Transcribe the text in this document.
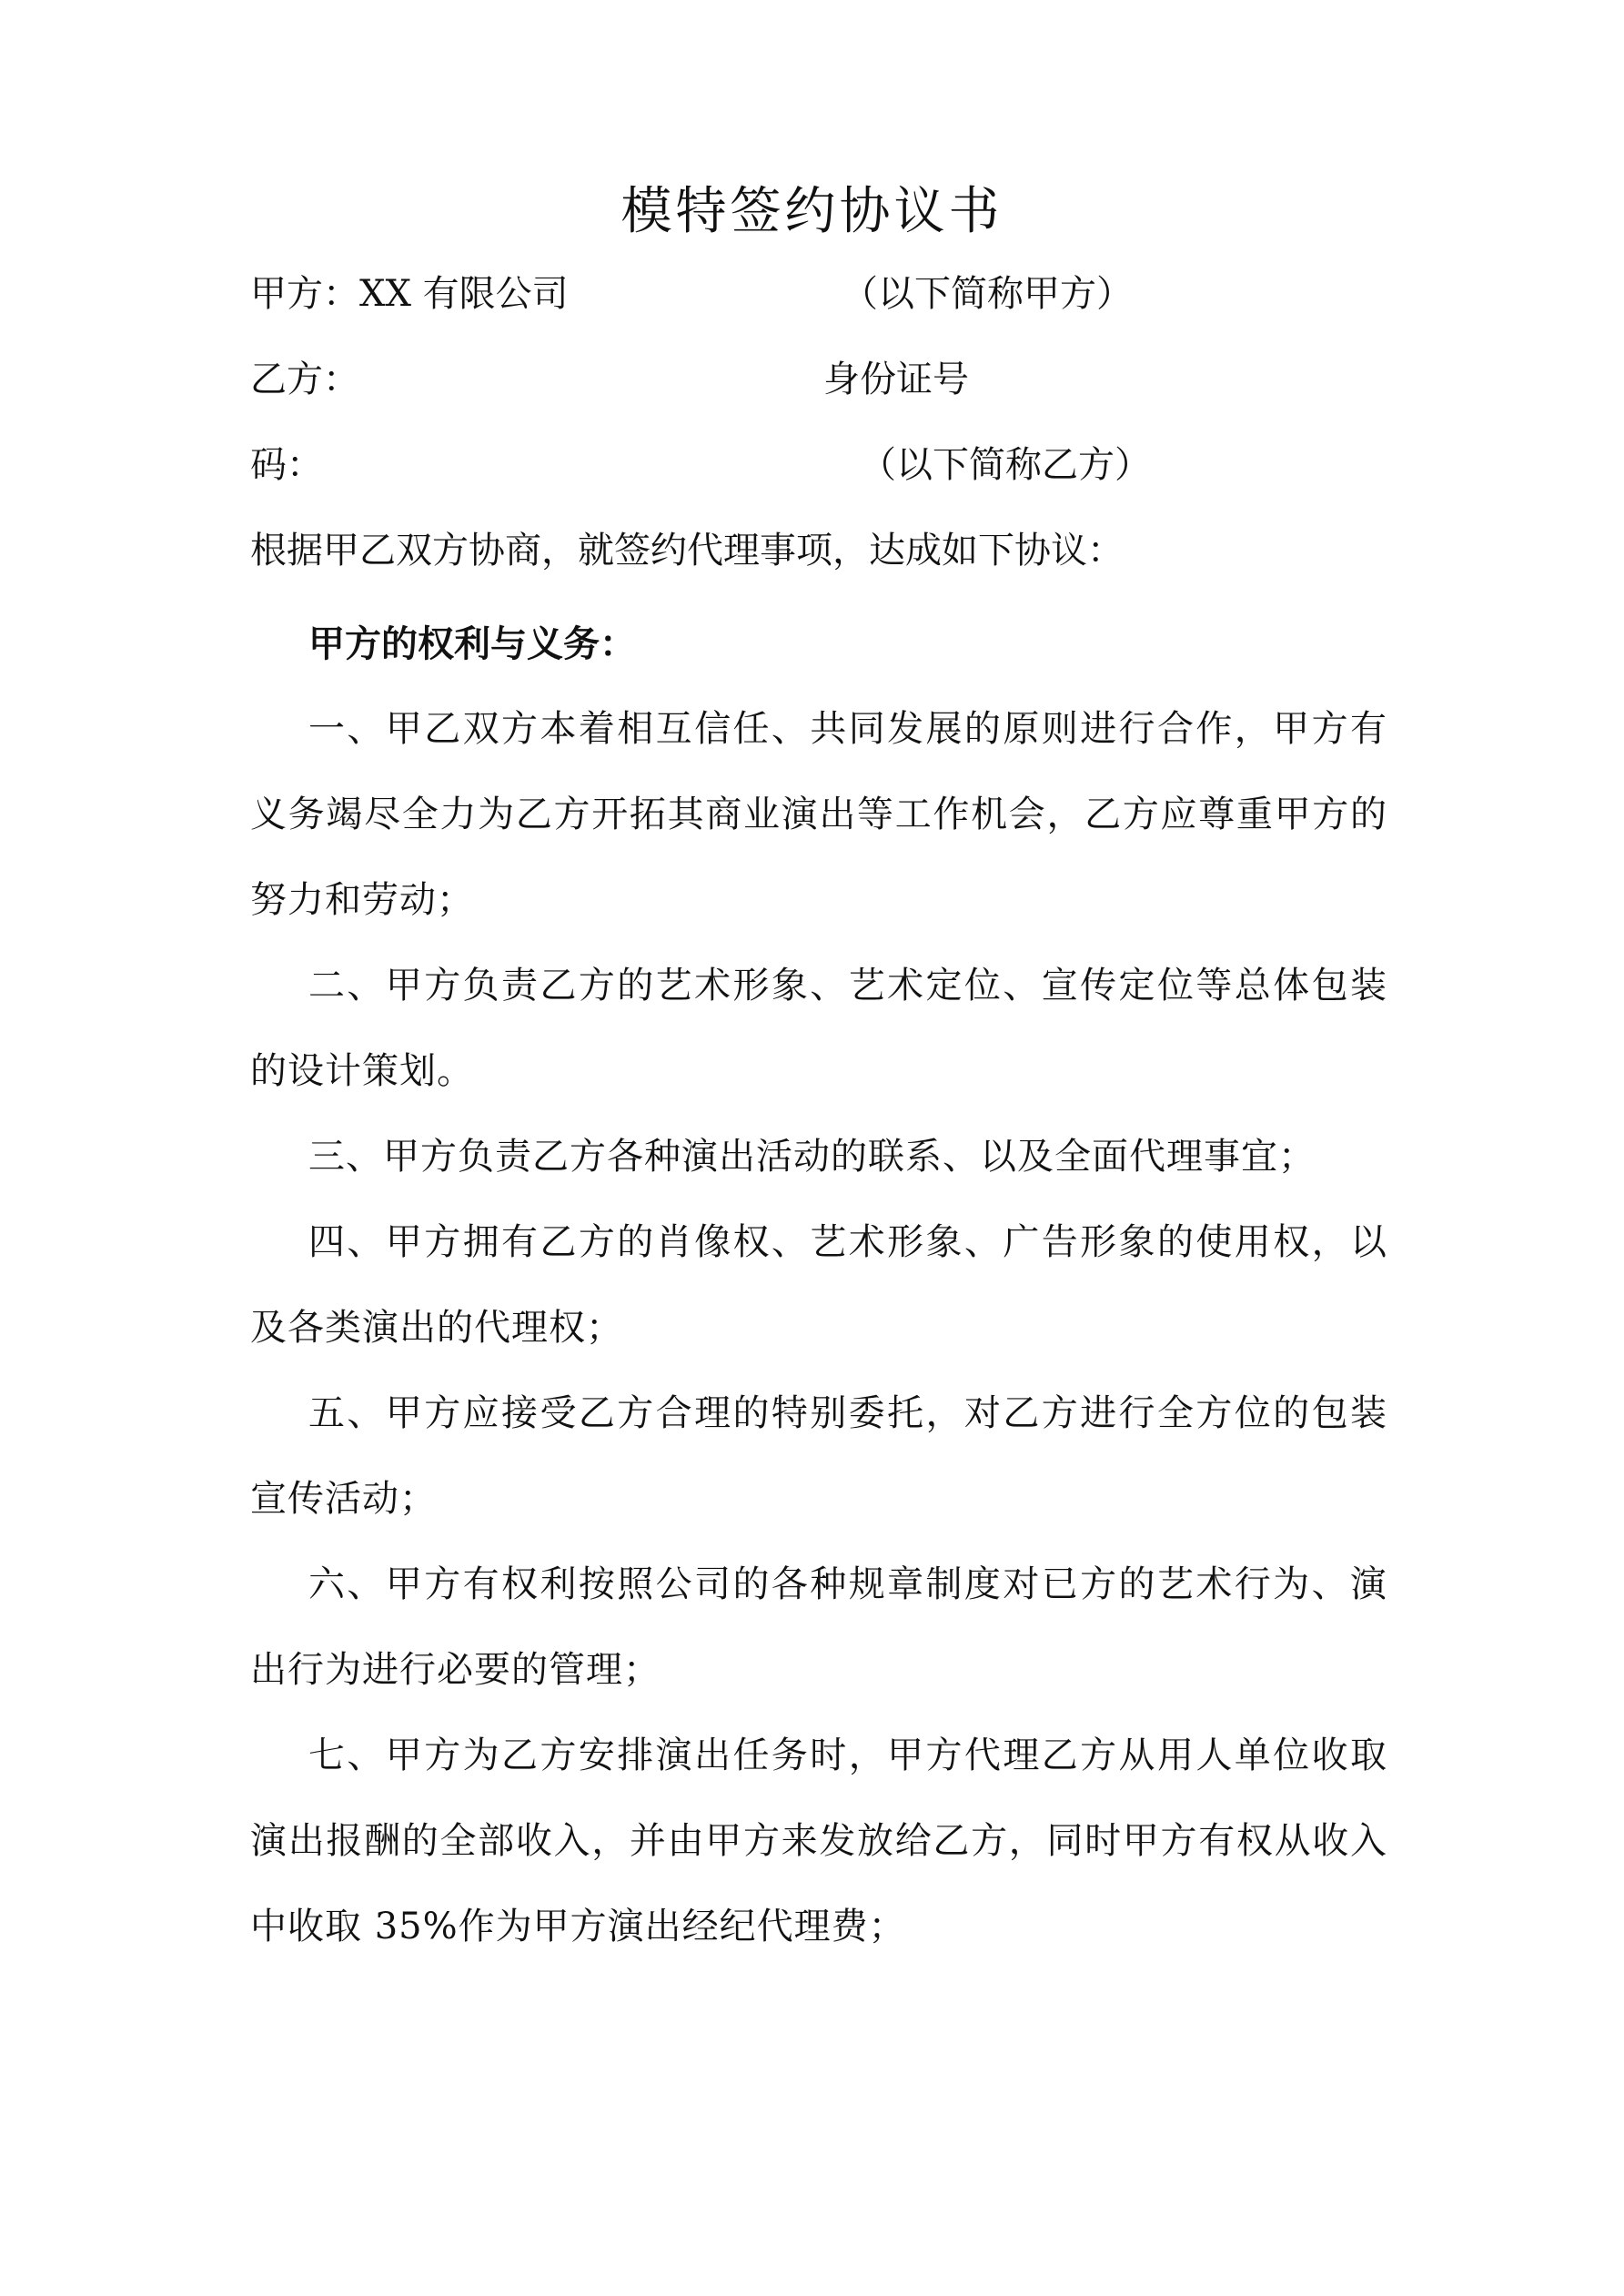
模特签约协议书
甲方：XX 有限公司	（以下简称甲方）
乙方：	身份证号
码：	（以下简称乙方）
根据甲乙双方协商，就签约代理事项，达成如下协议：
甲方的权利与义务：
一、甲乙双方本着相互信任、共同发展的原则进行合作，甲方有义务竭尽全力为乙方开拓其商业演出等工作机会，乙方应尊重甲方的努力和劳动；
二、甲方负责乙方的艺术形象、艺术定位、宣传定位等总体包装的设计策划。
三、甲方负责乙方各种演出活动的联系、以及全面代理事宜；
四、甲方拥有乙方的肖像权、艺术形象、广告形象的使用权，以及各类演出的代理权；
五、甲方应接受乙方合理的特别委托，对乙方进行全方位的包装宣传活动；
六、甲方有权利按照公司的各种规章制度对已方的艺术行为、演出行为进行必要的管理；
七、甲方为乙方安排演出任务时，甲方代理乙方从用人单位收取演出报酬的全部收入，并由甲方来发放给乙方，同时甲方有权从收入中收取 35%作为甲方演出经纪代理费；
